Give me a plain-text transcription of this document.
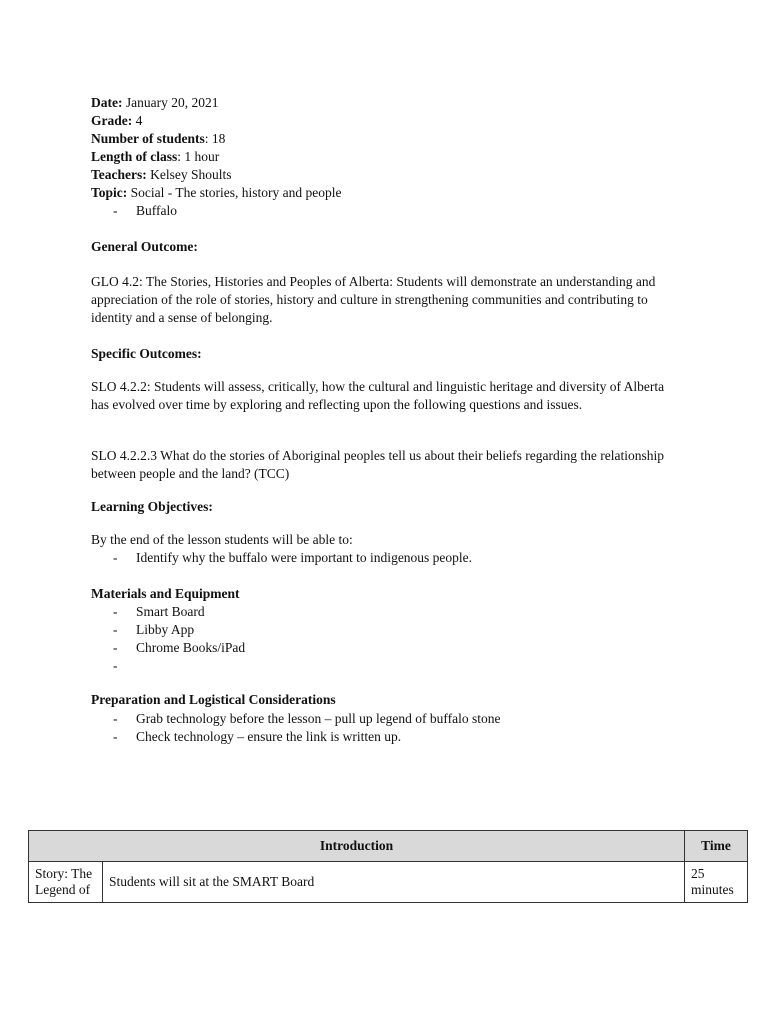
Date: January 20, 2021
Grade: 4
Number of students: 18
Length of class: 1 hour
Teachers: Kelsey Shoults
Topic: Social - The stories, history and people
- Buffalo
General Outcome:
GLO 4.2: The Stories, Histories and Peoples of Alberta: Students will demonstrate an understanding and appreciation of the role of stories, history and culture in strengthening communities and contributing to identity and a sense of belonging.
Specific Outcomes:
SLO 4.2.2: Students will assess, critically, how the cultural and linguistic heritage and diversity of Alberta has evolved over time by exploring and reflecting upon the following questions and issues.
SLO 4.2.2.3 What do the stories of Aboriginal peoples tell us about their beliefs regarding the relationship between people and the land? (TCC)
Learning Objectives:
By the end of the lesson students will be able to:
- Identify why the buffalo were important to indigenous people.
Materials and Equipment
- Smart Board
- Libby App
- Chrome Books/iPad
-
Preparation and Logistical Considerations
- Grab technology before the lesson – pull up legend of buffalo stone
- Check technology – ensure the link is written up.
Introduction		Time
Story: The Legend of	Students will sit at the SMART Board	25 minutes
